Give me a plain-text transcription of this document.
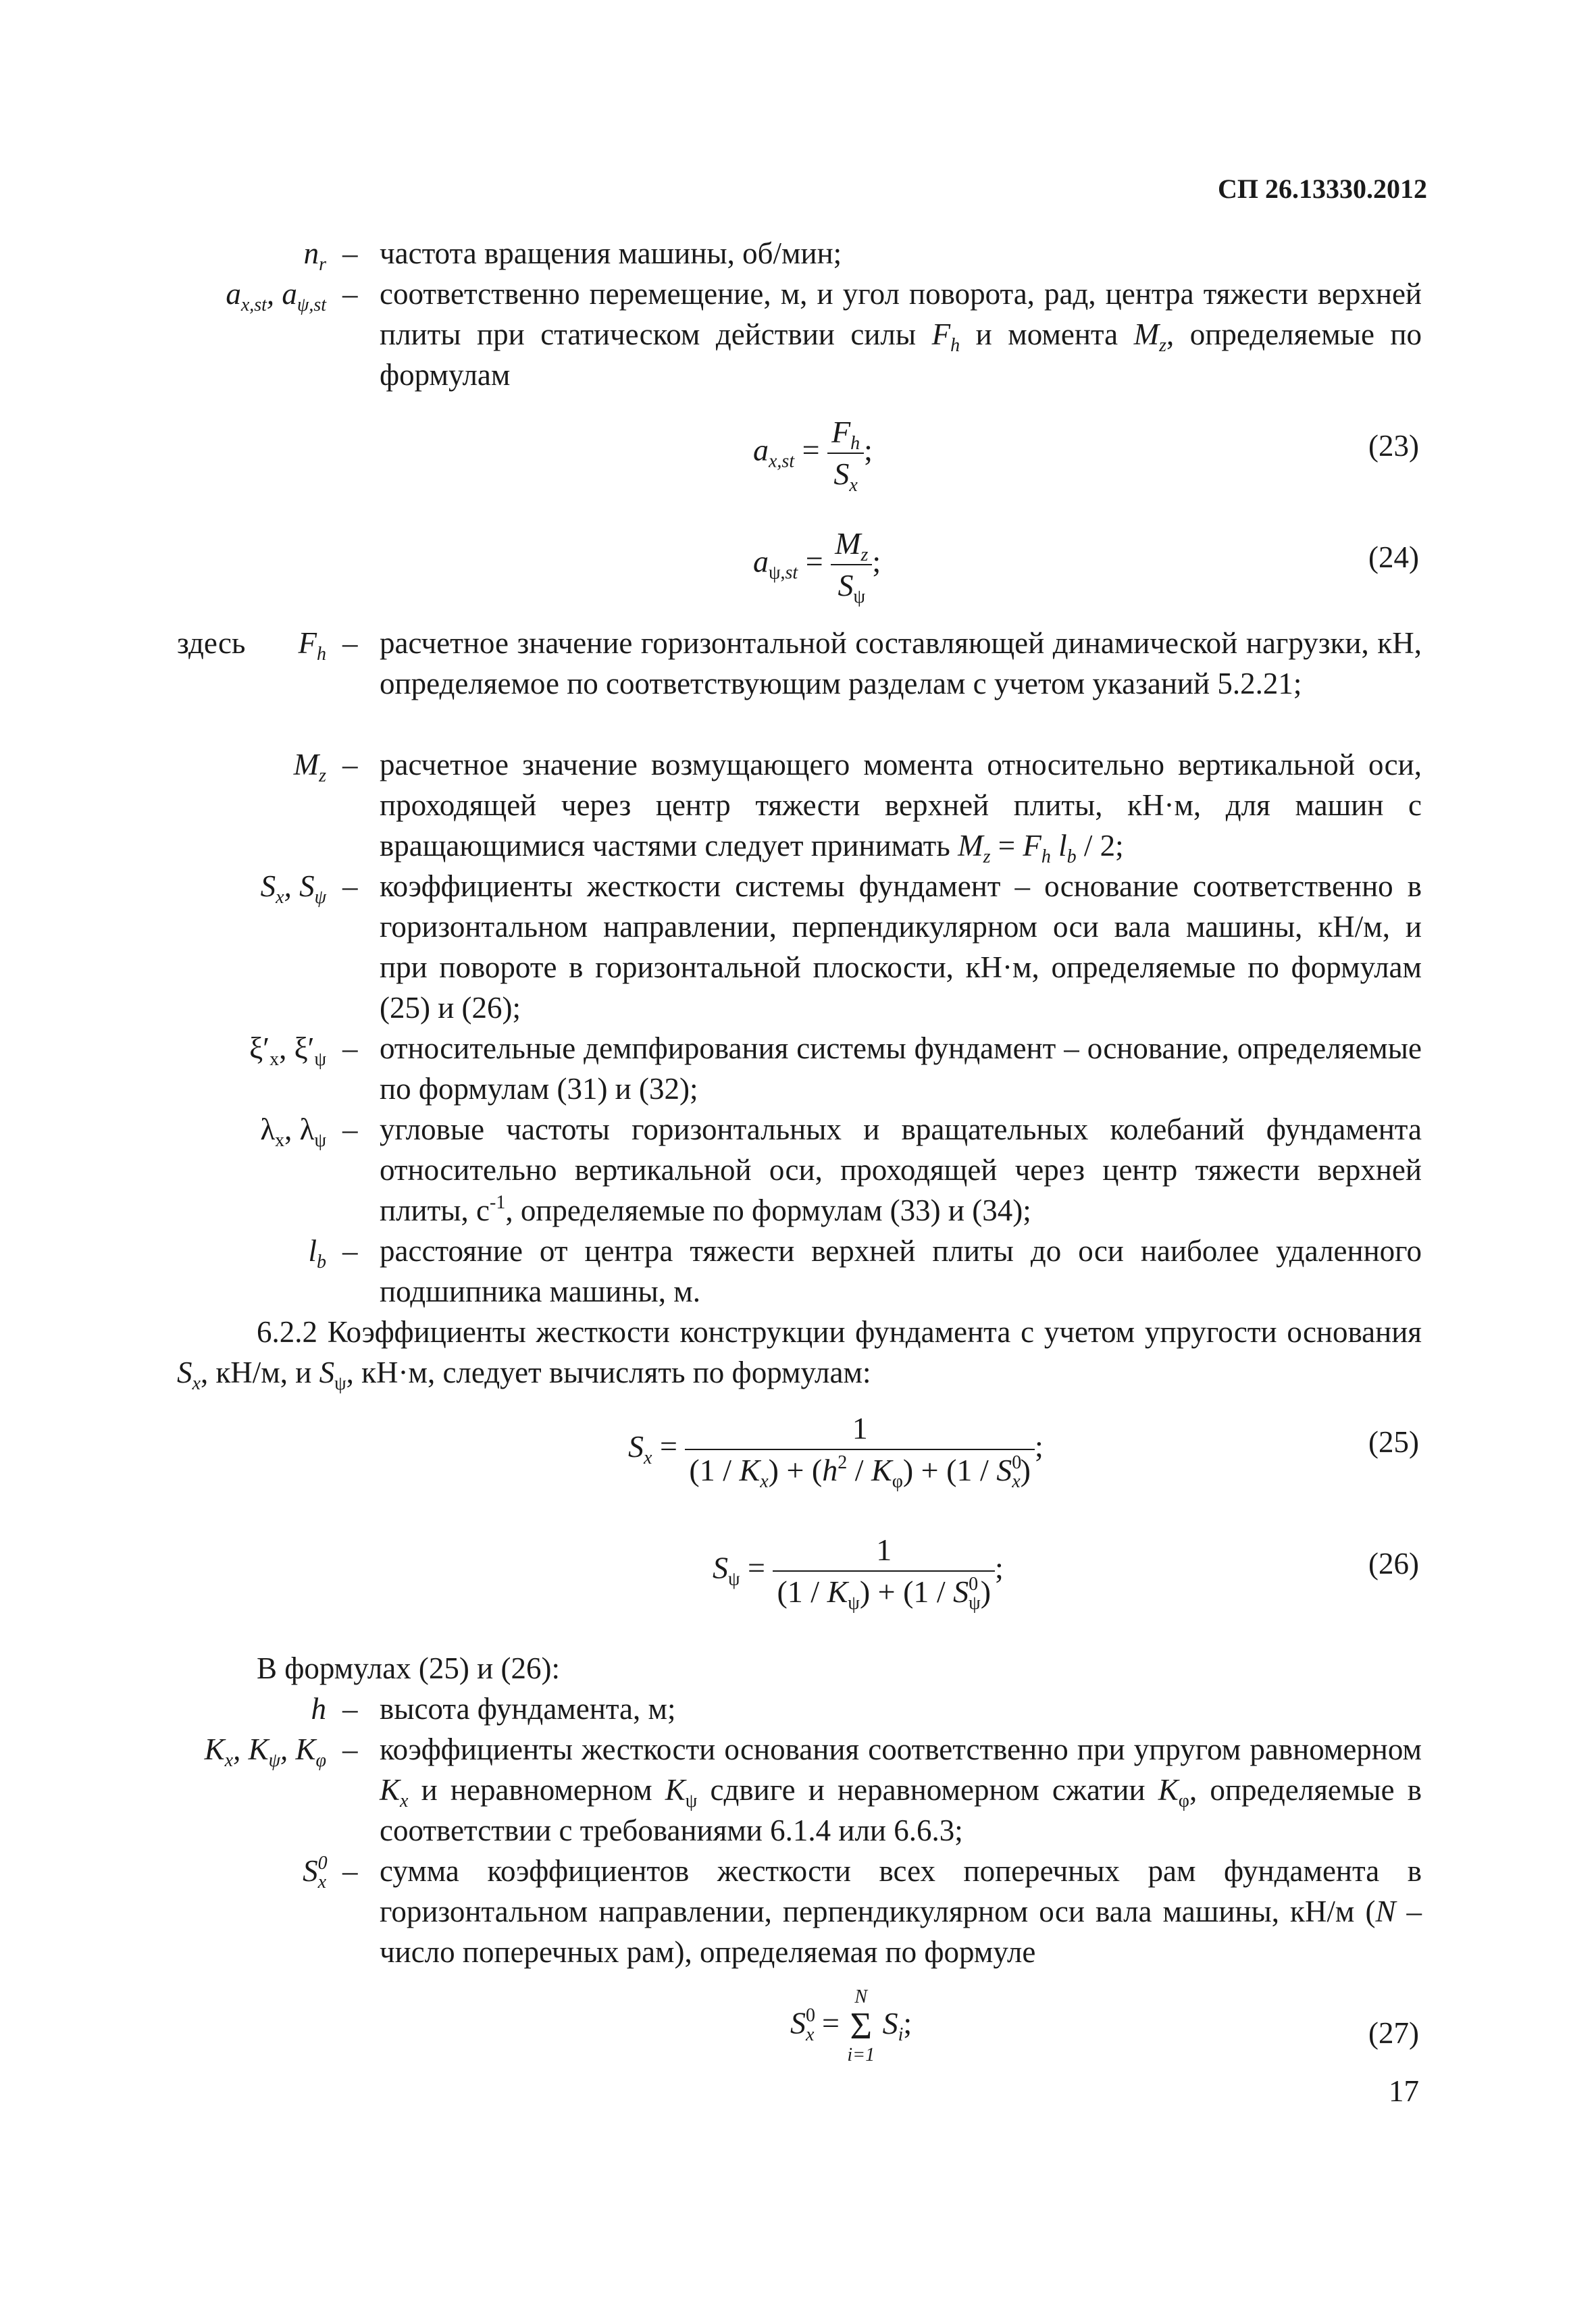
СП 26.13330.2012
$n_r$ – частота вращения машины, об/мин;
$a_{x,st}$, $a_{\psi,st}$ – соответственно перемещение, м, и угол поворота, рад, центра тяжести верхней плиты при статическом действии силы $F_h$ и момента $M_z$, определяемые по формулам
$a_{x,st} = \frac{F_h}{S_x}$ ;	(23)
$a_{\psi,st} = \frac{M_z}{S_\psi}$ ;	(24)
здесь $F_h$ – расчетное значение горизонтальной составляющей динамической нагрузки, кН, определяемое по соответствующим разделам с учетом указаний 5.2.21;
$M_z$ – расчетное значение возмущающего момента относительно вертикальной оси, проходящей через центр тяжести верхней плиты, кН·м, для машин с вращающимися частями следует принимать $M_z = F_h$ $l_b / 2$;
$S_x$, $S_\psi$ – коэффициенты жесткости системы фундамент – основание соответственно в горизонтальном направлении, перпендикулярном оси вала машины, кН/м, и при повороте в горизонтальной плоскости, кН·м, определяемые по формулам (25) и (26);
$\xi'_x$, $\xi'_\psi$ – относительные демпфирования системы фундамент – основание, определяемые по формулам (31) и (32);
$\lambda_x$, $\lambda_\psi$ – угловые частоты горизонтальных и вращательных колебаний фундамента относительно вертикальной оси, проходящей через центр тяжести верхней плиты, $с^{-1}$, определяемые по формулам (33) и (34);
$l_b$ – расстояние от центра тяжести верхней плиты до оси наиболее удаленного подшипника машины, м.
6.2.2 Коэффициенты жесткости конструкции фундамента с учетом упругости основания $S_x$, кН/м, и $S_\psi$, кН·м, следует вычислять по формулам:
$S_x = \frac{1}{(1 / K_x) + (h^2 / K_\varphi) + (1 / S^0_x)}$ ;	(25)
$S_\psi = \frac{1}{(1 / K_\psi) + (1 / S^0_\psi)}$ ;	(26)
В формулах (25) и (26):
h – высота фундамента, м;
$K_x$, $K_\psi$, $K_\varphi$ – коэффициенты жесткости основания соответственно при упругом равномерном $K_x$ и неравномерном $K_\psi$ сдвиге и неравномерном сжатии $K_\varphi$, определяемые в соответствии с требованиями 6.1.4 или 6.6.3;
$S^0_x$ – сумма коэффициентов жесткости всех поперечных рам фундамента в горизонтальном направлении, перпендикулярном оси вала машины, кН/м (N – число поперечных рам), определяемая по формуле
$S^0_x$ =
N
Σ
i=1
$S_i$;	(27)
17
